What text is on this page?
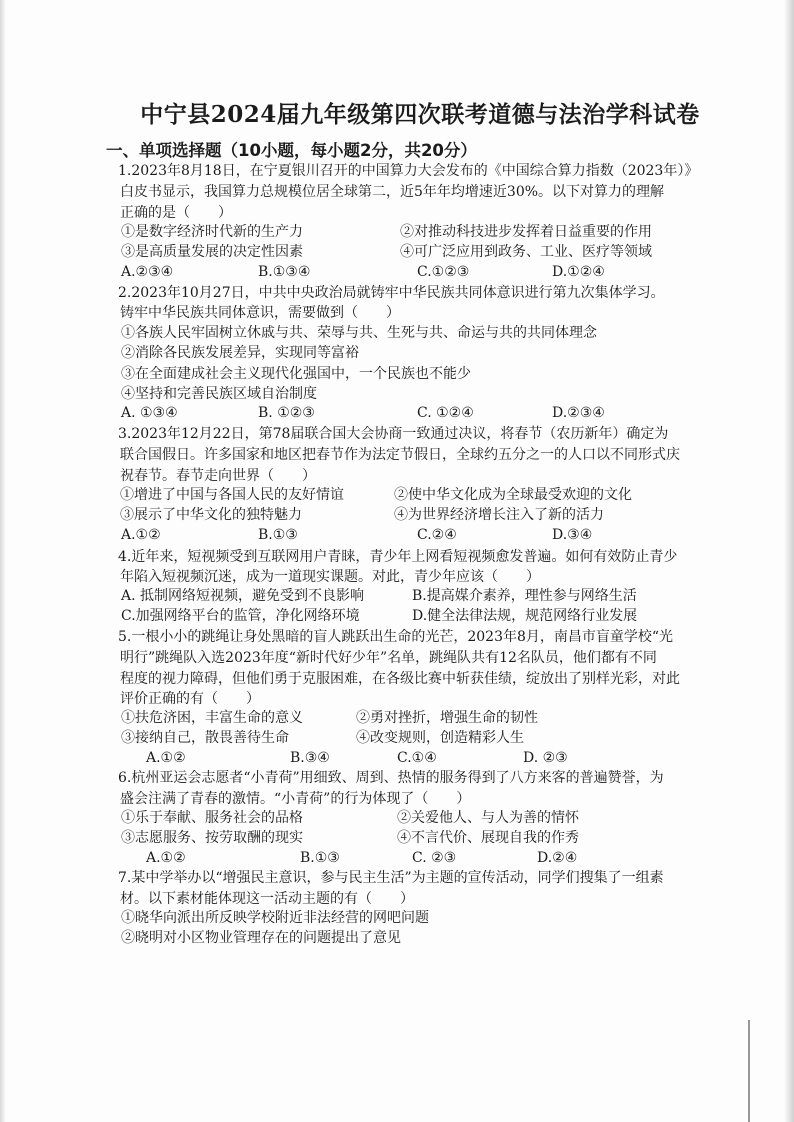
中宁县2024届九年级第四次联考道德与法治学科试卷
一、单项选择题（10小题，每小题2分，共20分）
1.2023年8月18日，在宁夏银川召开的中国算力大会发布的《中国综合算力指数（2023年）》
白皮书显示，我国算力总规模位居全球第二，近5年年均增速近30%。以下对算力的理解
正确的是（　　）
①是数字经济时代新的生产力	②对推动科技进步发挥着日益重要的作用
③是高质量发展的决定性因素	④可广泛应用到政务、工业、医疗等领域
A.②③④	B.①③④	C.①②③	D.①②④
2.2023年10月27日，中共中央政治局就铸牢中华民族共同体意识进行第九次集体学习。
铸牢中华民族共同体意识，需要做到（　　）
①各族人民牢固树立休戚与共、荣辱与共、生死与共、命运与共的共同体理念
②消除各民族发展差异，实现同等富裕
③在全面建成社会主义现代化强国中，一个民族也不能少
④坚持和完善民族区域自治制度
A. ①③④	B. ①②③	C. ①②④	D.②③④
3.2023年12月22日，第78届联合国大会协商一致通过决议，将春节（农历新年）确定为
联合国假日。许多国家和地区把春节作为法定节假日，全球约五分之一的人口以不同形式庆
祝春节。春节走向世界（　　）
①增进了中国与各国人民的友好情谊	②使中华文化成为全球最受欢迎的文化
③展示了中华文化的独特魅力	④为世界经济增长注入了新的活力
A.①②	B.①③	C.②④	D.③④
4.近年来，短视频受到互联网用户青睐，青少年上网看短视频愈发普遍。如何有效防止青少
年陷入短视频沉迷，成为一道现实课题。对此，青少年应该（　　）
A. 抵制网络短视频，避免受到不良影响	B.提高媒介素养，理性参与网络生活
C.加强网络平台的监管，净化网络环境	D.健全法律法规，规范网络行业发展
5.一根小小的跳绳让身处黑暗的盲人跳跃出生命的光芒，2023年8月，南昌市盲童学校“光
明行”跳绳队入选2023年度“新时代好少年”名单，跳绳队共有12名队员，他们都有不同
程度的视力障碍，但他们勇于克服困难，在各级比赛中斩获佳绩，绽放出了别样光彩，对此
评价正确的有（　　）
①扶危济困，丰富生命的意义	②勇对挫折，增强生命的韧性
③接纳自己，散畏善待生命	④改变规则，创造精彩人生
A.①②	B.③④	C.①④	D. ②③
6.杭州亚运会志愿者“小青荷”用细致、周到、热情的服务得到了八方来客的普遍赞誉，为
盛会注满了青春的激情。“小青荷”的行为体现了（　　）
①乐于奉献、服务社会的品格	②关爱他人、与人为善的情怀
③志愿服务、按劳取酬的现实	④不言代价、展现自我的作秀
A.①②	B.①③	C. ②③	D.②④
7.某中学举办以“增强民主意识，参与民主生活”为主题的宣传活动，同学们搜集了一组素
材。以下素材能体现这一活动主题的有（　　）
①晓华向派出所反映学校附近非法经营的网吧问题
②晓明对小区物业管理存在的问题提出了意见
